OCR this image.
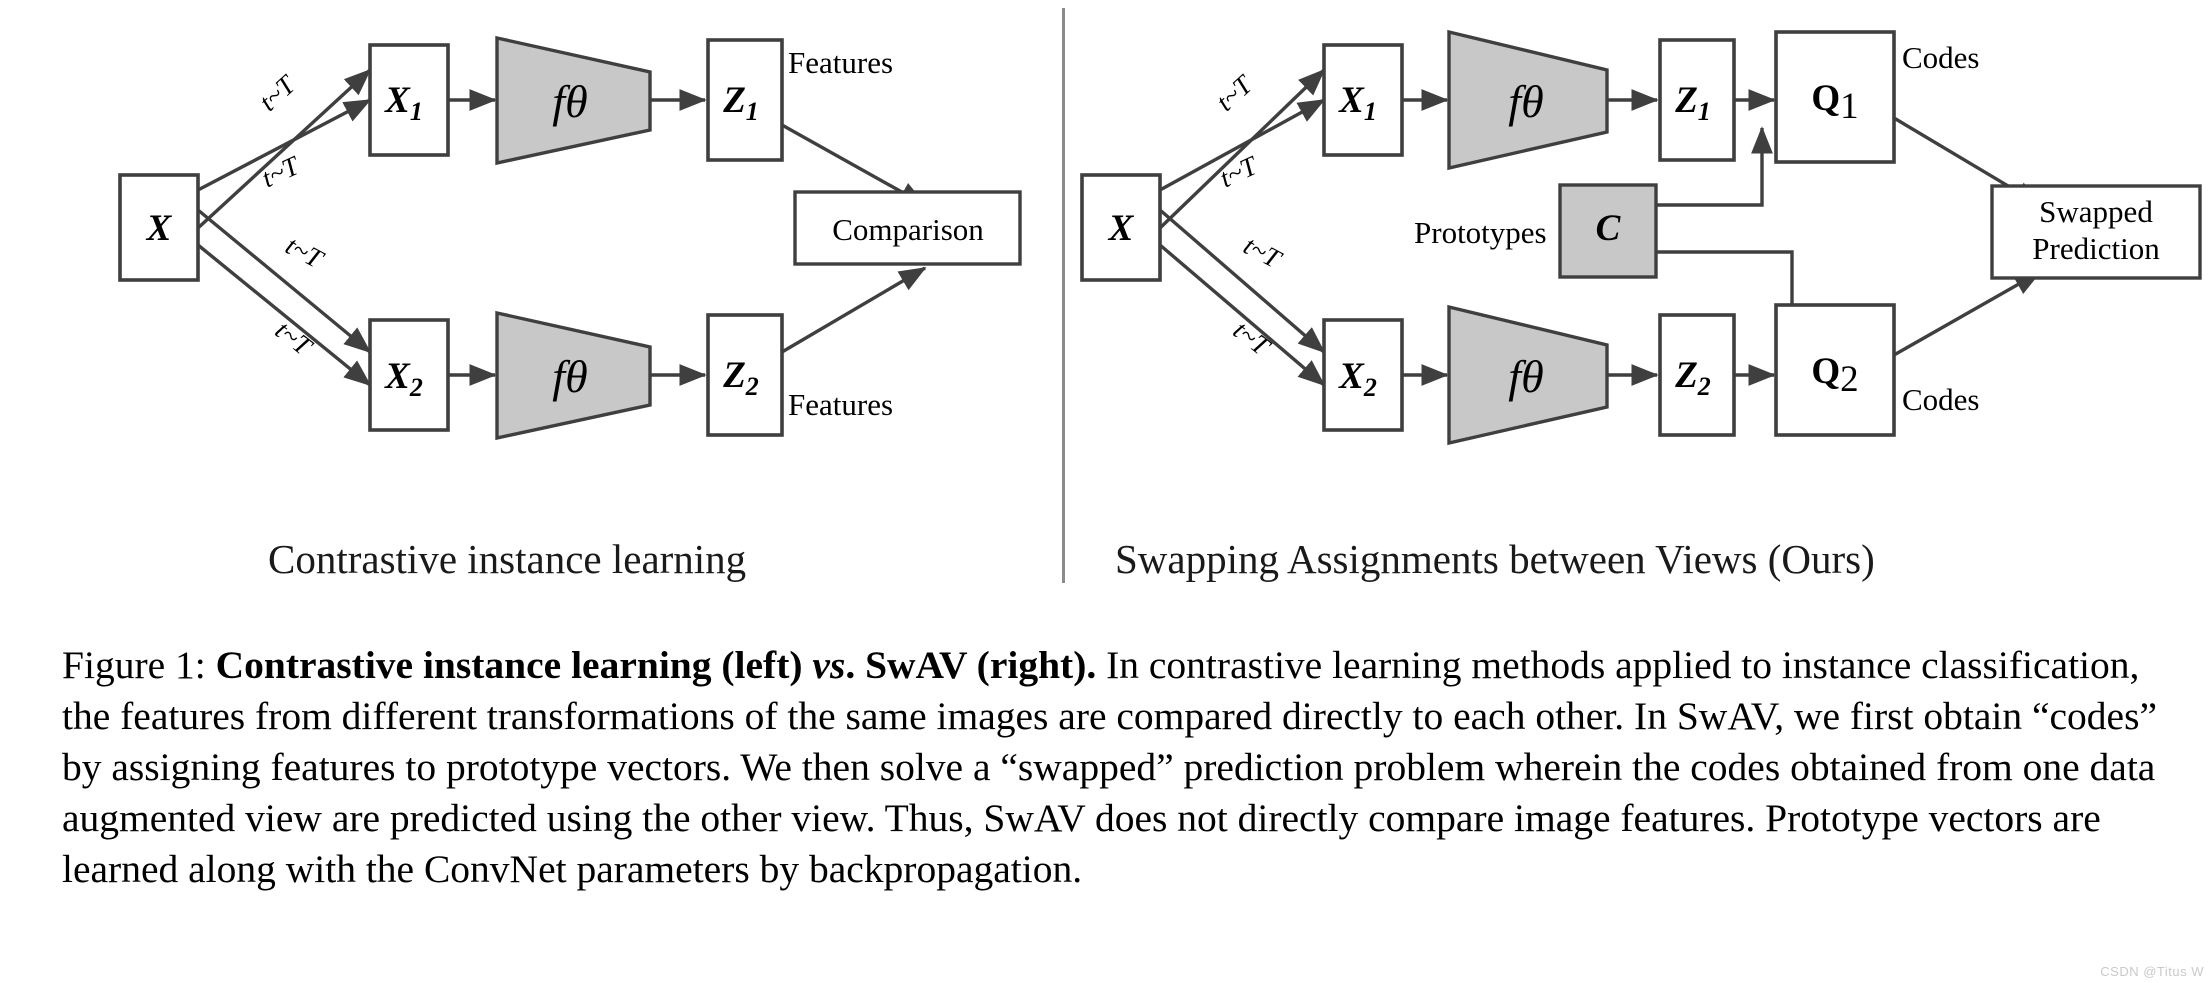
X
$X_1$
$X_2$
t~T
t~T
t~T
t~T
fθ
fθ
$Z_1$
$Z_2$
Features
Features
Comparison	X
$X_1$
$X_2$
t~T
t~T
t~T
t~T
fθ
fθ
$Z_1$
$Z_2$
C
Prototypes
Q1
Q2
Codes
Codes
Swapped
Prediction
Contrastive instance learning	Swapping Assignments between Views (Ours)
Figure 1: Contrastive instance learning (left) vs. SwAV (right). In contrastive learning methods applied to instance classification, the features from different transformations of the same images are compared directly to each other. In SwAV, we first obtain “codes” by assigning features to prototype vectors. We then solve a “swapped” prediction problem wherein the codes obtained from one data augmented view are predicted using the other view. Thus, SwAV does not directly compare image features. Prototype vectors are learned along with the ConvNet parameters by backpropagation.
CSDN @Titus W
